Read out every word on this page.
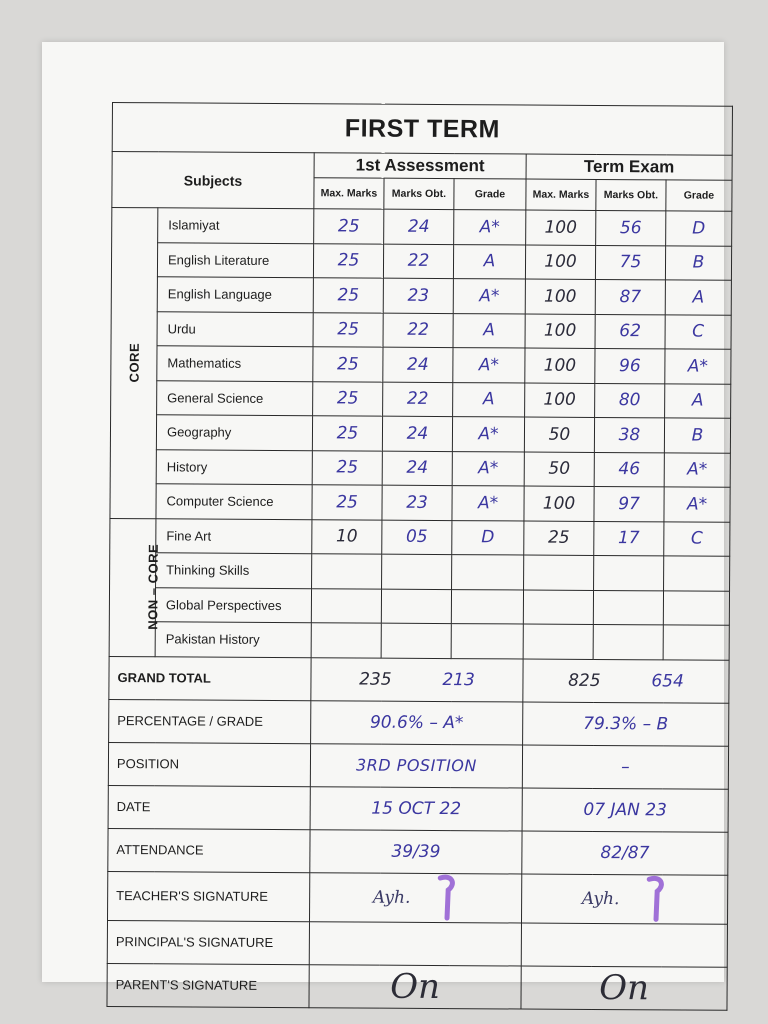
FIRST TERM							
Subjects		1st Assessment			Term Exam		
		Max. Marks	Marks Obt.	Grade	Max. Marks	Marks Obt.	Grade
CORE	Islamiyat	25	24	A*	100	56	D
	English Literature	25	22	A	100	75	B
	English Language	25	23	A*	100	87	A
	Urdu	25	22	A	100	62	C
	Mathematics	25	24	A*	100	96	A*
	General Science	25	22	A	100	80	A
	Geography	25	24	A*	50	38	B
	History	25	24	A*	50	46	A*
	Computer Science	25	23	A*	100	97	A*
NON – CORE	Fine Art	10	05	D	25	17	C
	Thinking Skills						
	Global Perspectives						
	Pakistan History						
GRAND TOTAL		235 213			825 654		
PERCENTAGE / GRADE		90.6% – A*			79.3% – B		
POSITION		3RD POSITION			–		
DATE		15 OCT 22			07 JAN 23		
ATTENDANCE		39/39			82/87		
TEACHER'S SIGNATURE		Ayh.			Ayh.		

PRINCIPAL'S SIGNATURE							
PARENT'S SIGNATURE		On			On		
